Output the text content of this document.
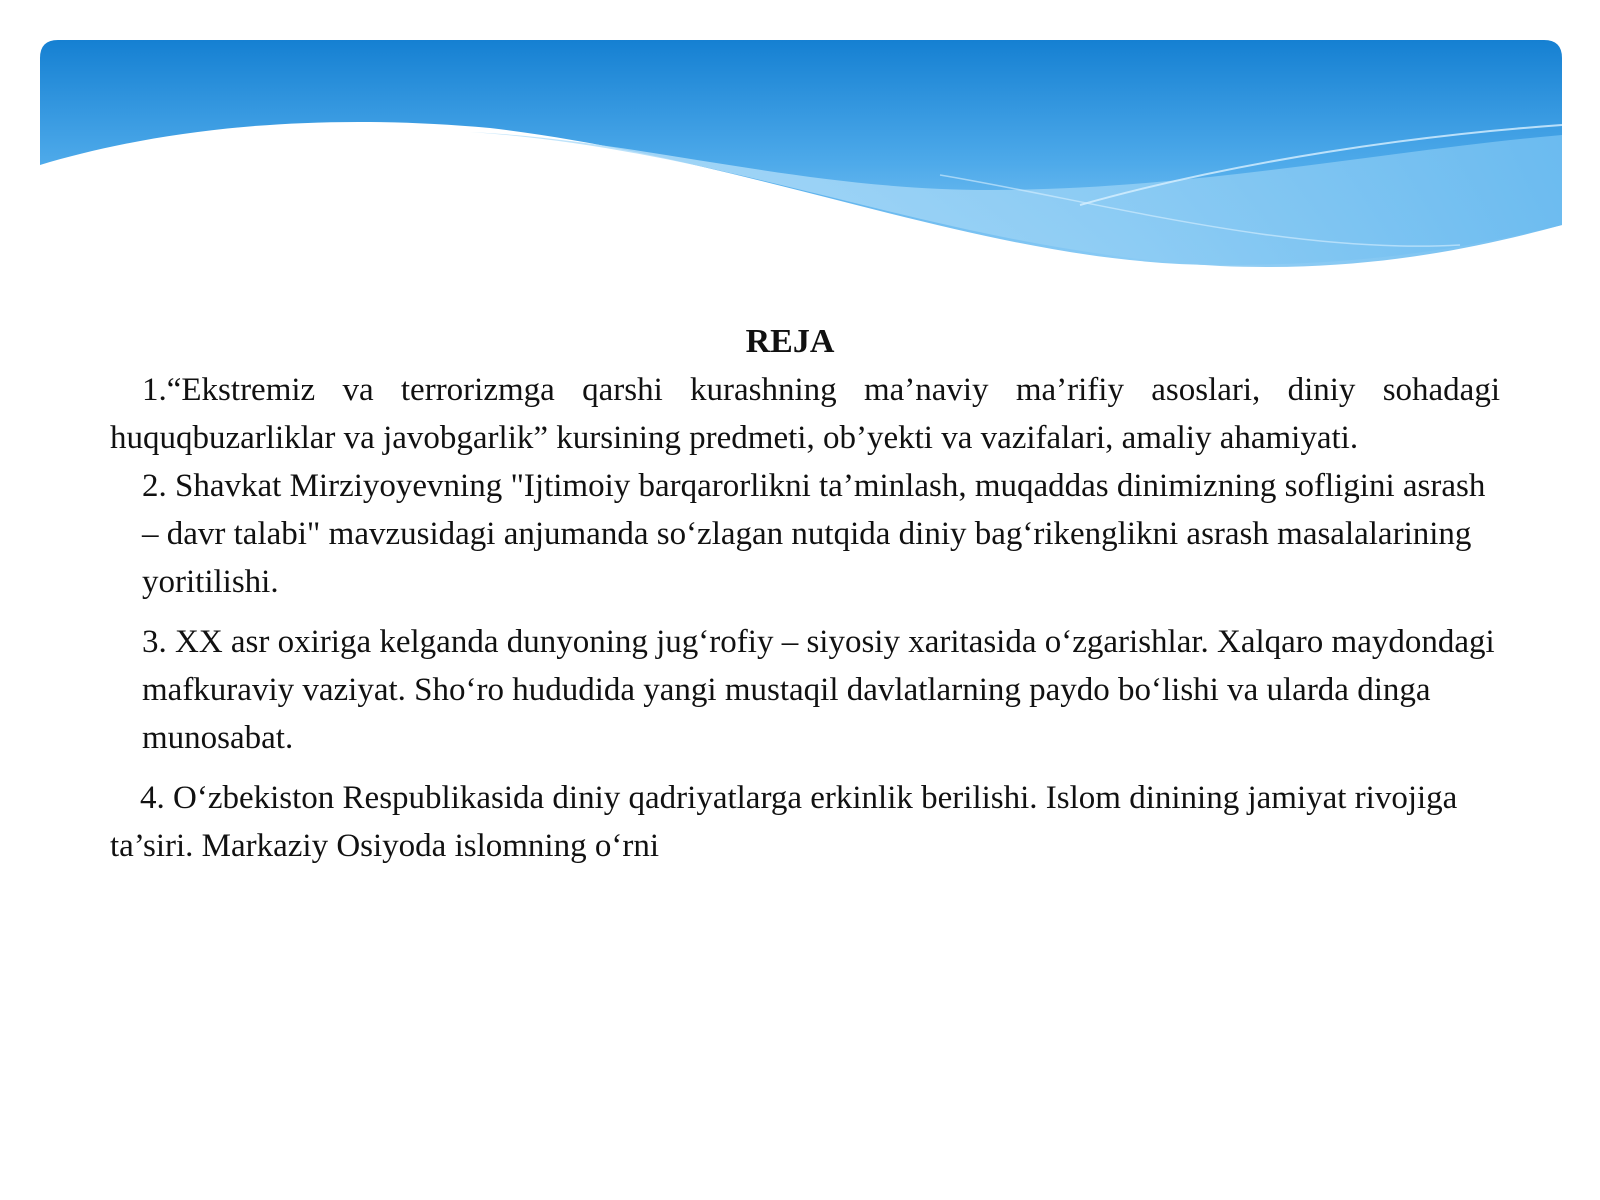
REJA

1.“Ekstremiz va terrorizmga qarshi kurashning ma’naviy ma’rifiy asoslari, diniy sohadagi huquqbuzarliklar va javobgarlik” kursining predmeti, ob’yekti va vazifalari, amaliy ahamiyati.

2. Shavkat Mirziyoyevning "Ijtimoiy barqarorlikni ta’minlash, muqaddas dinimizning sofligini asrash – davr talabi" mavzusidagi anjumanda so‘zlagan nutqida diniy bag‘rikenglikni asrash masalalarining yoritilishi.

3. XX asr oxiriga kelganda dunyoning jug‘rofiy – siyosiy xaritasida o‘zgarishlar. Xalqaro maydondagi mafkuraviy vaziyat. Sho‘ro hududida yangi mustaqil davlatlarning paydo bo‘lishi va ularda dinga munosabat.

4. O‘zbekiston Respublikasida diniy qadriyatlarga erkinlik berilishi. Islom dinining jamiyat rivojiga ta’siri. Markaziy Osiyoda islomning o‘rni
